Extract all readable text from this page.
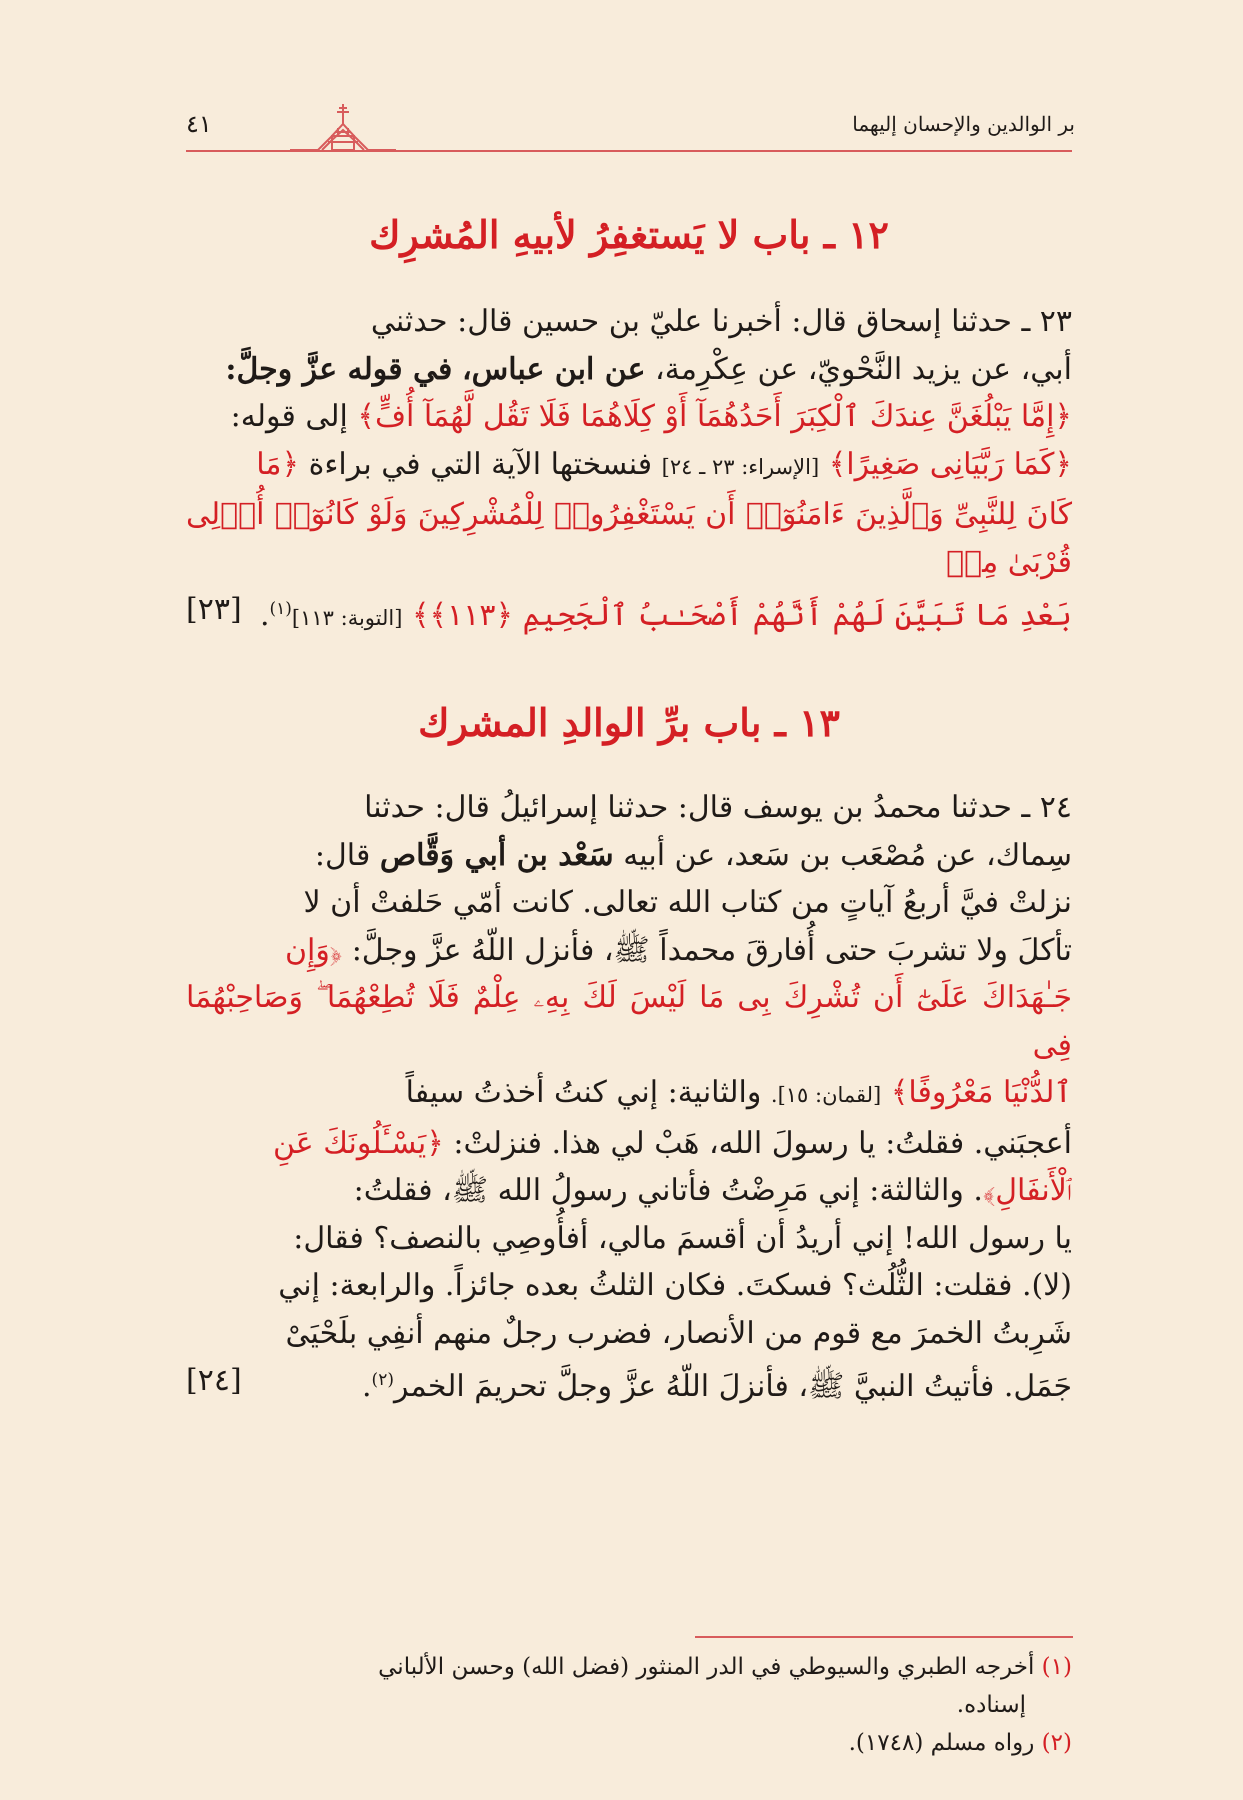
بر الوالدين والإحسان إليهما
٤١
١٢ ـ باب لا يَستغفِرُ لأبيهِ المُشرِك
٢٣ ـ حدثنا إسحاق قال: أخبرنا عليّ بن حسين قال: حدثني
أبي، عن يزيد النَّحْويّ، عن عِكْرِمة، عن ابن عباس، في قوله عزَّ وجلَّ:
﴿إِمَّا يَبْلُغَنَّ عِندَكَ ٱلْكِبَرَ أَحَدُهُمَآ أَوْ كِلَاهُمَا فَلَا تَقُل لَّهُمَآ أُفٍّ﴾ إلى قوله:
﴿كَمَا رَبَّيَانِى صَغِيرًا﴾ [الإسراء: ٢٣ ـ ٢٤] فنسختها الآية التي في براءة ﴿مَا
كَانَ لِلنَّبِىِّ وَٱلَّذِينَ ءَامَنُوٓا۟ أَن يَسْتَغْفِرُوا۟ لِلْمُشْرِكِينَ وَلَوْ كَانُوٓا۟ أُو۟لِى قُرْبَىٰ مِنۢ
بَعْدِ مَا تَبَيَّنَ لَهُمْ أَنَّهُمْ أَصْحَـٰبُ ٱلْجَحِيمِ ﴿١١٣﴾﴾ [التوبة: ١١٣]$^{(١)}$.
[٢٣]
١٣ ـ باب برِّ الوالدِ المشرك
٢٤ ـ حدثنا محمدُ بن يوسف قال: حدثنا إسرائيلُ قال: حدثنا
سِماك، عن مُصْعَب بن سَعد، عن أبيه سَعْد بن أبي وَقَّاص قال:
نزلتْ فيَّ أربعُ آياتٍ من كتاب الله تعالى. كانت أمّي حَلفتْ أن لا
تأكلَ ولا تشربَ حتى أُفارقَ محمداً ﷺ، فأنزل اللّهُ عزَّ وجلَّ: ﴿وَإِن
جَـٰهَدَاكَ عَلَىٰٓ أَن تُشْرِكَ بِى مَا لَيْسَ لَكَ بِهِۦ عِلْمٌ فَلَا تُطِعْهُمَا ۖ وَصَاحِبْهُمَا فِى
ٱلدُّنْيَا مَعْرُوفًا﴾ [لقمان: ١٥]. والثانية: إني كنتُ أخذتُ سيفاً
أعجبَني. فقلتُ: يا رسولَ الله، هَبْ لي هذا. فنزلتْ: ﴿يَسْـَٔلُونَكَ عَنِ
ٱلْأَنفَالِ﴾. والثالثة: إني مَرِضْتُ فأتاني رسولُ الله ﷺ، فقلتُ:
يا رسول الله! إني أريدُ أن أقسمَ مالي، أفأُوصِي بالنصف؟ فقال:
(لا). فقلت: الثُّلُث؟ فسكتَ. فكان الثلثُ بعده جائزاً. والرابعة: إني
شَرِبتُ الخمرَ مع قوم من الأنصار، فضرب رجلٌ منهم أنفِي بلَحْيَىْ
جَمَل. فأتيتُ النبيَّ ﷺ، فأنزلَ اللّهُ عزَّ وجلَّ تحريمَ الخمر$^{(٢)}$.
[٢٤]
(١) أخرجه الطبري والسيوطي في الدر المنثور (فضل الله) وحسن الألباني
إسناده.
(٢) رواه مسلم (١٧٤٨).
